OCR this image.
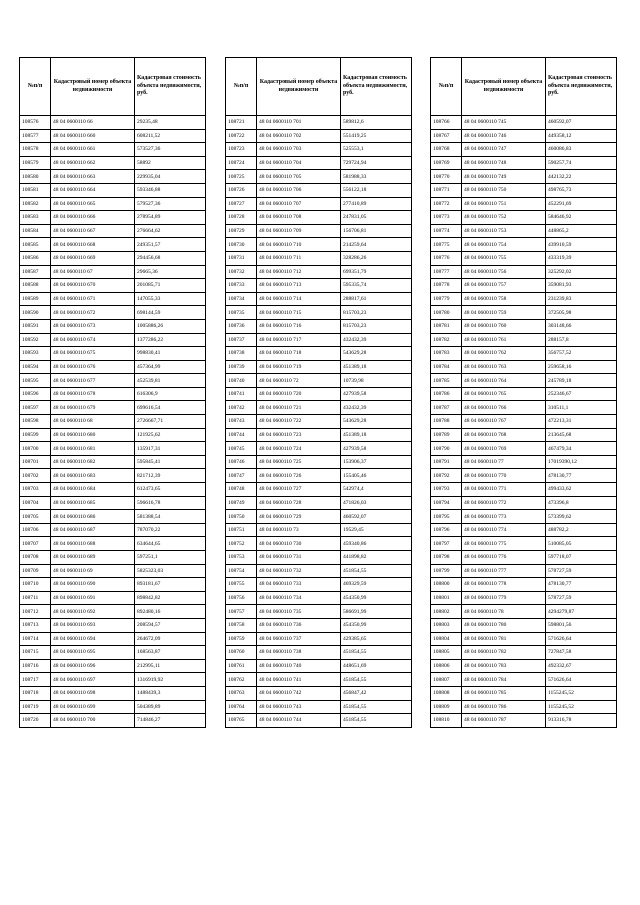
№п/п	Кадастровый номер объекта недвижимости	Кадастровая стоимость объекта недвижимости, руб.
108576	48 04 0600110 66	29235,48
108577	48 04 0600110 660	608211,52
108578	48 04 0600110 661	573527,36
108579	48 04 0600110 662	58892
108580	48 04 0600110 663	229935,04
108581	48 04 0600110 664	593346,88
108582	48 04 0600110 665	579527,36
108583	48 04 0600110 666	278954,89
108584	48 04 0600110 667	276664,62
108585	48 04 0600110 668	249351,57
108586	48 04 0600110 669	294456,68
108587	48 04 0600110 67	29665,36
108588	48 04 0600110 670	201085,71
108589	48 04 0600110 671	147055,33
108590	48 04 0600110 672	698144,59
108591	48 04 0600110 673	1005886,26
108592	48 04 0600110 674	1377286,22
108593	48 04 0600110 675	998830,41
108594	48 04 0600110 676	457364,99
108595	48 04 0600110 677	452539,81
108596	48 04 0600110 678	616306,9
108597	48 04 0600110 679	699616,54
108598	48 04 0600110 68	2726667,71
108599	48 04 0600110 680	121925,62
108700	48 04 0600110 681	135917,31
108701	48 04 0600110 682	595845,41
108702	48 04 0600110 683	821712,39
108703	48 04 0600110 684	612473,65
108704	48 04 0600110 685	596616,78
108705	48 04 0600110 686	581388,54
108706	48 04 0600110 687	787070,22
108707	48 04 0600110 688	634644,65
108708	48 04 0600110 689	597251,1
108709	48 04 0600110 69	5825323,03
108710	48 04 0600110 690	893181,67
108711	48 04 0600110 691	898842,82
108712	48 04 0600110 692	892480,16
108713	48 04 0600110 693	208594,57
108714	48 04 0600110 694	264672,09
108715	48 04 0600110 695	168563,87
108716	48 04 0600110 696	212995,11
108717	48 04 0600110 697	1316919,92
108718	48 04 0600110 698	1488439,3
108719	48 04 0600110 699	504389,89
108720	48 04 0600110 700	714846,27
№п/п	Кадастровый номер объекта недвижимости	Кадастровая стоимость объекта недвижимости, руб.
108721	48 04 0600110 701	589812,6
108722	48 04 0600110 702	551419,25
108723	48 04 0600110 703	525553,1
108724	48 04 0600110 704	729724,94
108725	48 04 0600110 705	581988,33
108726	48 04 0600110 706	556122,18
108727	48 04 0600110 707	277410,89
108728	48 04 0600110 708	247831,05
108729	48 04 0600110 709	156706,81
108730	48 04 0600110 710	214259,64
108731	48 04 0600110 711	328286,26
108732	48 04 0600110 712	699351,79
108733	48 04 0600110 713	595335,74
108734	48 04 0600110 714	288817,61
108735	48 04 0600110 715	815703,23
108736	48 04 0600110 716	815703,23
108737	48 04 0600110 717	432432,39
108738	48 04 0600110 718	543629,28
108739	48 04 0600110 719	451389,18
108740	48 04 0600110 72	10739,98
108741	48 04 0600110 720	427939,58
108742	48 04 0600110 721	432432,39
108743	48 04 0600110 722	543629,28
108744	48 04 0600110 723	451389,18
108745	48 04 0600110 724	427939,58
108746	48 04 0600110 725	153906,37
108747	48 04 0600110 726	155405,46
108748	48 04 0600110 727	542974,4
108749	48 04 0600110 728	471826,03
108750	48 04 0600110 729	460592,07
108751	48 04 0600110 73	19529,45
108752	48 04 0600110 730	459340,86
108753	48 04 0600110 731	441898,82
108754	48 04 0600110 732	451854,55
108755	48 04 0600110 733	469329,59
108756	48 04 0600110 734	454350,99
108757	48 04 0600110 735	586691,99
108758	48 04 0600110 736	454350,99
108759	48 04 0600110 737	429385,65
108760	48 04 0600110 738	451854,55
108761	48 04 0600110 740	448651,69
108762	48 04 0600110 741	451854,55
108763	48 04 0600110 742	456847,42
108764	48 04 0600110 743	451854,55
108765	48 04 0600110 744	451854,55
№п/п	Кадастровый номер объекта недвижимости	Кадастровая стоимость объекта недвижимости, руб.
108766	48 04 0600110 745	460592,07
108767	48 04 0600110 746	449358,12
108768	48 04 0600110 747	460086,83
108769	48 04 0600110 748	590257,74
108770	48 04 0600110 749	442132,22
108771	48 04 0600110 750	498765,73
108772	48 04 0600110 751	452291,69
108773	48 04 0600110 752	584646,92
108774	48 04 0600110 753	448865,2
108775	48 04 0600110 754	439910,59
108776	48 04 0600110 755	433319,39
108777	48 04 0600110 756	325292,02
108778	48 04 0600110 757	359081,93
108779	48 04 0600110 758	231239,83
108780	48 04 0600110 759	372505,98
108781	48 04 0600110 760	303148,66
108782	48 04 0600110 761	288157,8
108783	48 04 0600110 762	356757,52
108784	48 04 0600110 763	259658,16
108785	48 04 0600110 764	245789,18
108786	48 04 0600110 765	252346,67
108787	48 04 0600110 766	310511,1
108788	48 04 0600110 767	472213,31
108789	48 04 0600110 768	213645,68
108790	48 04 0600110 769	467479,34
108791	48 04 0600110 77	17019390,12
108792	48 04 0600110 770	478130,77
108793	48 04 0600110 771	499433,62
108794	48 04 0600110 772	473396,8
108795	48 04 0600110 773	573399,62
108796	48 04 0600110 774	488782,2
108797	48 04 0600110 775	510085,05
108798	48 04 0600110 776	597718,07
108799	48 04 0600110 777	578727,59
108800	48 04 0600110 778	478130,77
108801	48 04 0600110 779	578727,59
108802	48 04 0600110 78	4294279,87
108803	48 04 0600110 780	598801,56
108804	48 04 0600110 781	571626,64
108805	48 04 0600110 782	727847,58
108806	48 04 0600110 783	492332,67
108807	48 04 0600110 784	571626,64
108808	48 04 0600110 785	1155245,52
108809	48 04 0600110 786	1155245,52
108810	48 04 0600110 787	913316,78
